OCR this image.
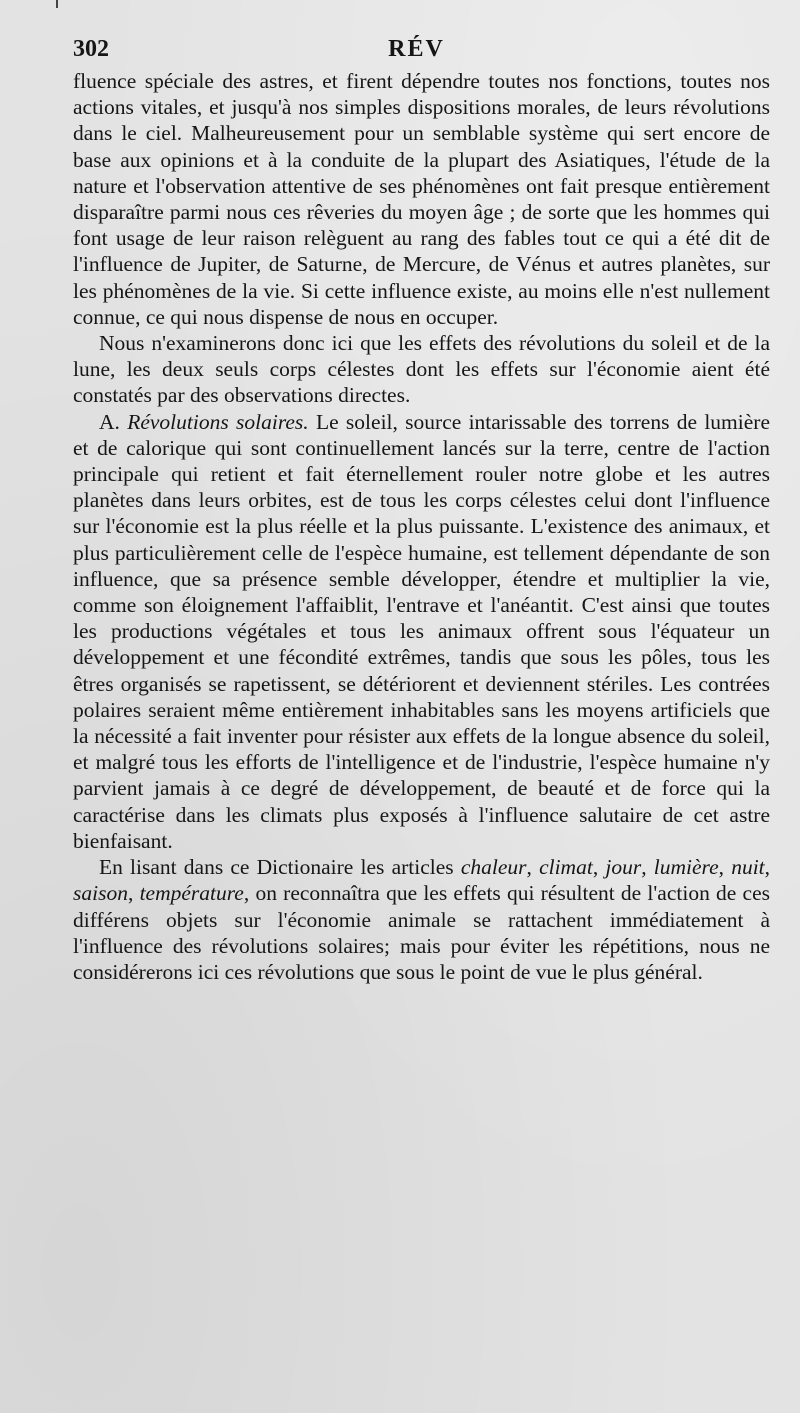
302	RÉV

fluence spéciale des astres, et firent dépendre toutes nos fonctions, toutes nos actions vitales, et jusqu'à nos simples dispositions morales, de leurs révolutions dans le ciel. Malheureusement pour un semblable système qui sert encore de base aux opinions et à la conduite de la plupart des Asiatiques, l'étude de la nature et l'observation attentive de ses phénomènes ont fait presque entièrement disparaître parmi nous ces rêveries du moyen âge ; de sorte que les hommes qui font usage de leur raison relèguent au rang des fables tout ce qui a été dit de l'influence de Jupiter, de Saturne, de Mercure, de Vénus et autres planètes, sur les phénomènes de la vie. Si cette influence existe, au moins elle n'est nullement connue, ce qui nous dispense de nous en occuper.

Nous n'examinerons donc ici que les effets des révolutions du soleil et de la lune, les deux seuls corps célestes dont les effets sur l'économie aient été constatés par des observations directes.

A. Révolutions solaires. Le soleil, source intarissable des torrens de lumière et de calorique qui sont continuellement lancés sur la terre, centre de l'action principale qui retient et fait éternellement rouler notre globe et les autres planètes dans leurs orbites, est de tous les corps célestes celui dont l'influence sur l'économie est la plus réelle et la plus puissante. L'existence des animaux, et plus particulièrement celle de l'espèce humaine, est tellement dépendante de son influence, que sa présence semble développer, étendre et multiplier la vie, comme son éloignement l'affaiblit, l'entrave et l'anéantit. C'est ainsi que toutes les productions végétales et tous les animaux offrent sous l'équateur un développement et une fécondité extrêmes, tandis que sous les pôles, tous les êtres organisés se rapetissent, se détériorent et deviennent stériles. Les contrées polaires seraient même entièrement inhabitables sans les moyens artificiels que la nécessité a fait inventer pour résister aux effets de la longue absence du soleil, et malgré tous les efforts de l'intelligence et de l'industrie, l'espèce humaine n'y parvient jamais à ce degré de développement, de beauté et de force qui la caractérise dans les climats plus exposés à l'influence salutaire de cet astre bienfaisant.

En lisant dans ce Dictionaire les articles chaleur, climat, jour, lumière, nuit, saison, température, on reconnaîtra que les effets qui résultent de l'action de ces différens objets sur l'économie animale se rattachent immédiatement à l'influence des révolutions solaires; mais pour éviter les répétitions, nous ne considérerons ici ces révolutions que sous le point de vue le plus général.
